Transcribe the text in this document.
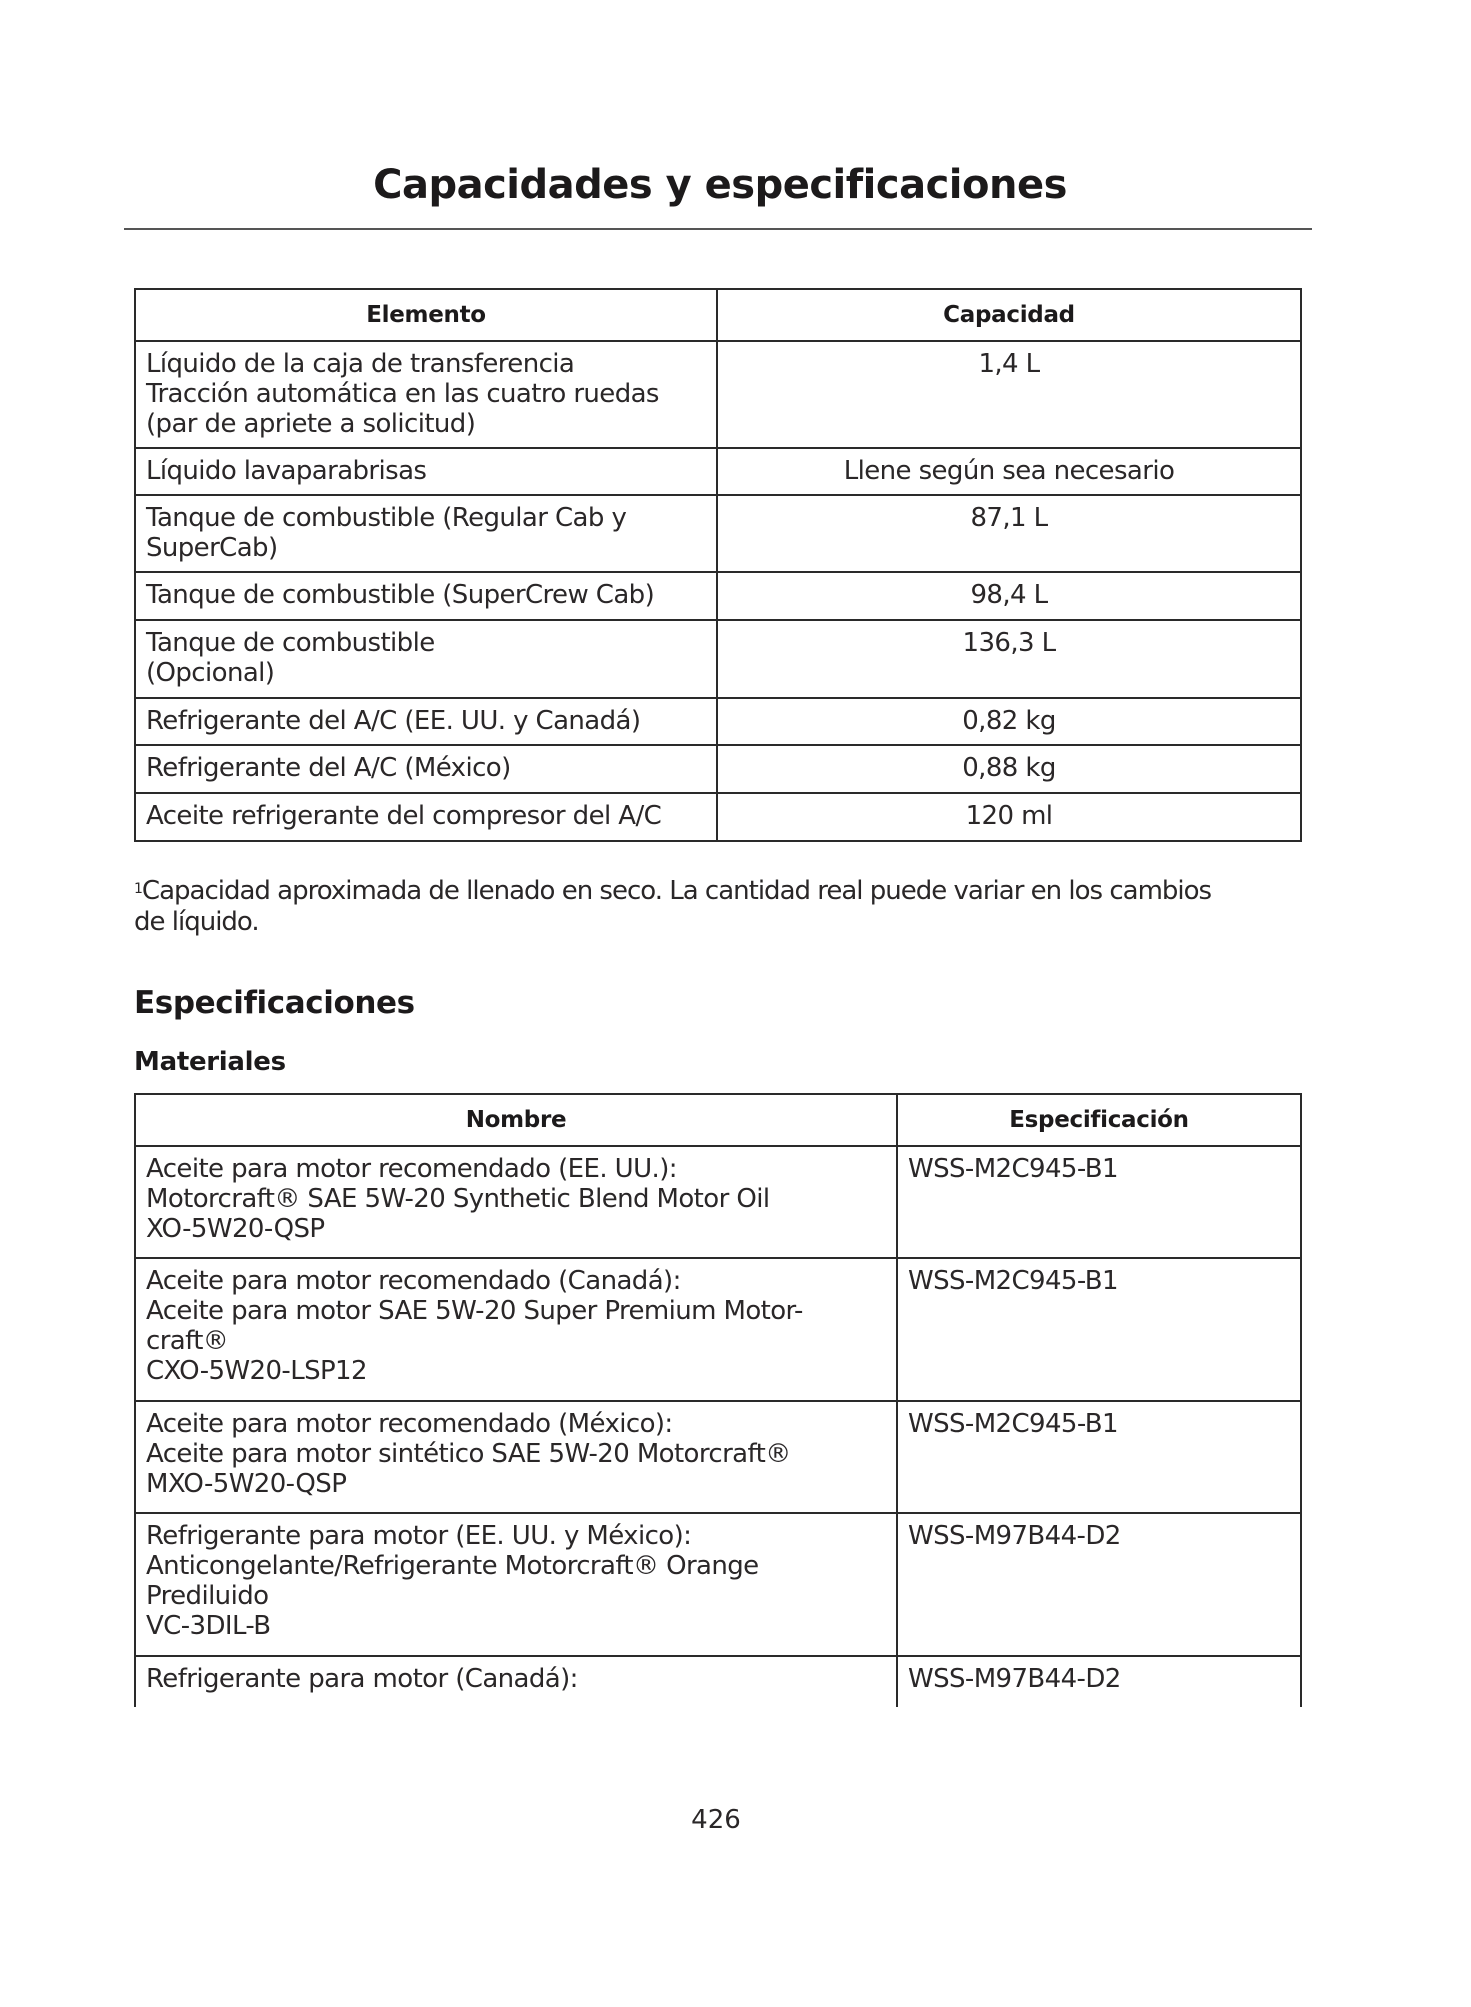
Capacidades y especificaciones
Elemento	Capacidad

Líquido de la caja de transferencia
Tracción automática en las cuatro ruedas
(par de apriete a solicitud)	1,4 L

Líquido lavaparabrisas	Llene según sea necesario

Tanque de combustible (Regular Cab y
SuperCab)	87,1 L

Tanque de combustible (SuperCrew Cab)	98,4 L

Tanque de combustible
(Opcional)	136,3 L

Refrigerante del A/C (EE. UU. y Canadá)	0,82 kg

Refrigerante del A/C (México)	0,88 kg

Aceite refrigerante del compresor del A/C	120 ml
$^1$Capacidad aproximada de llenado en seco. La cantidad real puede variar en los cambios
de líquido.
Especificaciones
Materiales
Nombre	Especificación

Aceite para motor recomendado (EE. UU.):
Motorcraft® SAE 5W-20 Synthetic Blend Motor Oil
XO-5W20-QSP	WSS-M2C945-B1

Aceite para motor recomendado (Canadá):
Aceite para motor SAE 5W-20 Super Premium Motor-
craft®
CXO-5W20-LSP12	WSS-M2C945-B1

Aceite para motor recomendado (México):
Aceite para motor sintético SAE 5W-20 Motorcraft®
MXO-5W20-QSP	WSS-M2C945-B1

Refrigerante para motor (EE. UU. y México):
Anticongelante/Refrigerante Motorcraft® Orange
Prediluido
VC-3DIL-B	WSS-M97B44-D2

Refrigerante para motor (Canadá):	WSS-M97B44-D2
426
